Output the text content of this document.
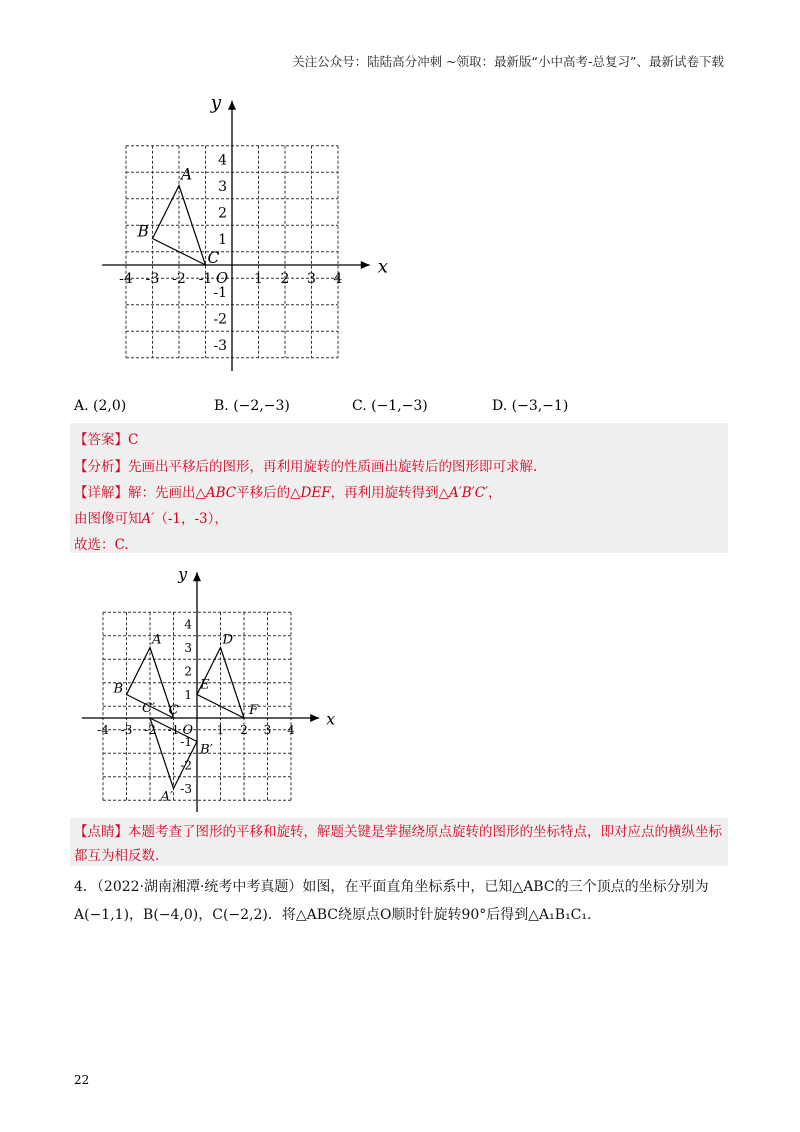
关注公众号：陆陆高分冲刺 ~领取：最新版“小中高考-总复习”、最新试卷下载
x
y
-4 -3 -2 -1	1 2 3 4
4
3
2
1
-1
-2
-3
O
A
B
C
A. (2,0)	B. (−2,−3)	C. (−1,−3)	D. (−3,−1)
【答案】C
【分析】先画出平移后的图形，再利用旋转的性质画出旋转后的图形即可求解.
【详解】解：先画出△ABC平移后的△DEF，再利用旋转得到△A′B′C′，
由图像可知A′（-1，-3），
故选：C.
x
y
-4 -3 -2 -1	1 2 3 4
4
3
2
1
-1
-2
-3
O
A
B
C
D
E
F
A′
B′
C′
【点睛】本题考查了图形的平移和旋转，解题关键是掌握绕原点旋转的图形的坐标特点，即对应点的横纵坐标都互为相反数.
4．（2022·湖南湘潭·统考中考真题）如图，在平面直角坐标系中，已知△ABC的三个顶点的坐标分别为
A(−1,1)，B(−4,0)，C(−2,2)．将△ABC绕原点O顺时针旋转90°后得到△A₁B₁C₁.
22
